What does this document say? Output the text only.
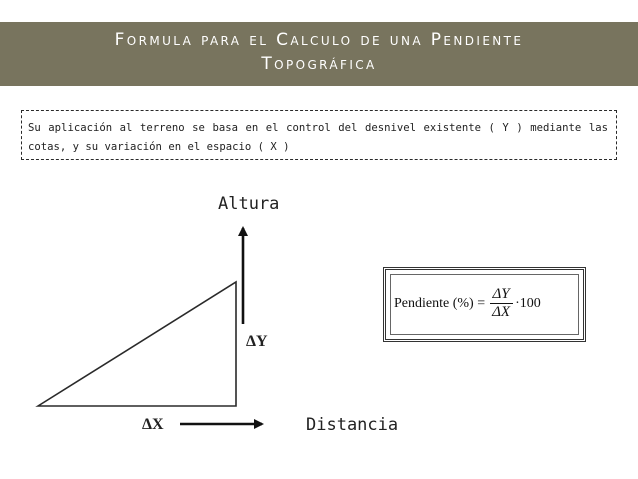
Formula para el Calculo de una Pendiente
Topográfica
Su aplicación al terreno se basa en el control del desnivel existente ( Y ) mediante las cotas, y su variación en el espacio ( X )
Altura
Distancia
ΔY
ΔX
Pendiente (%) = $\frac{\Delta Y}{\Delta X} \cdot 100$
